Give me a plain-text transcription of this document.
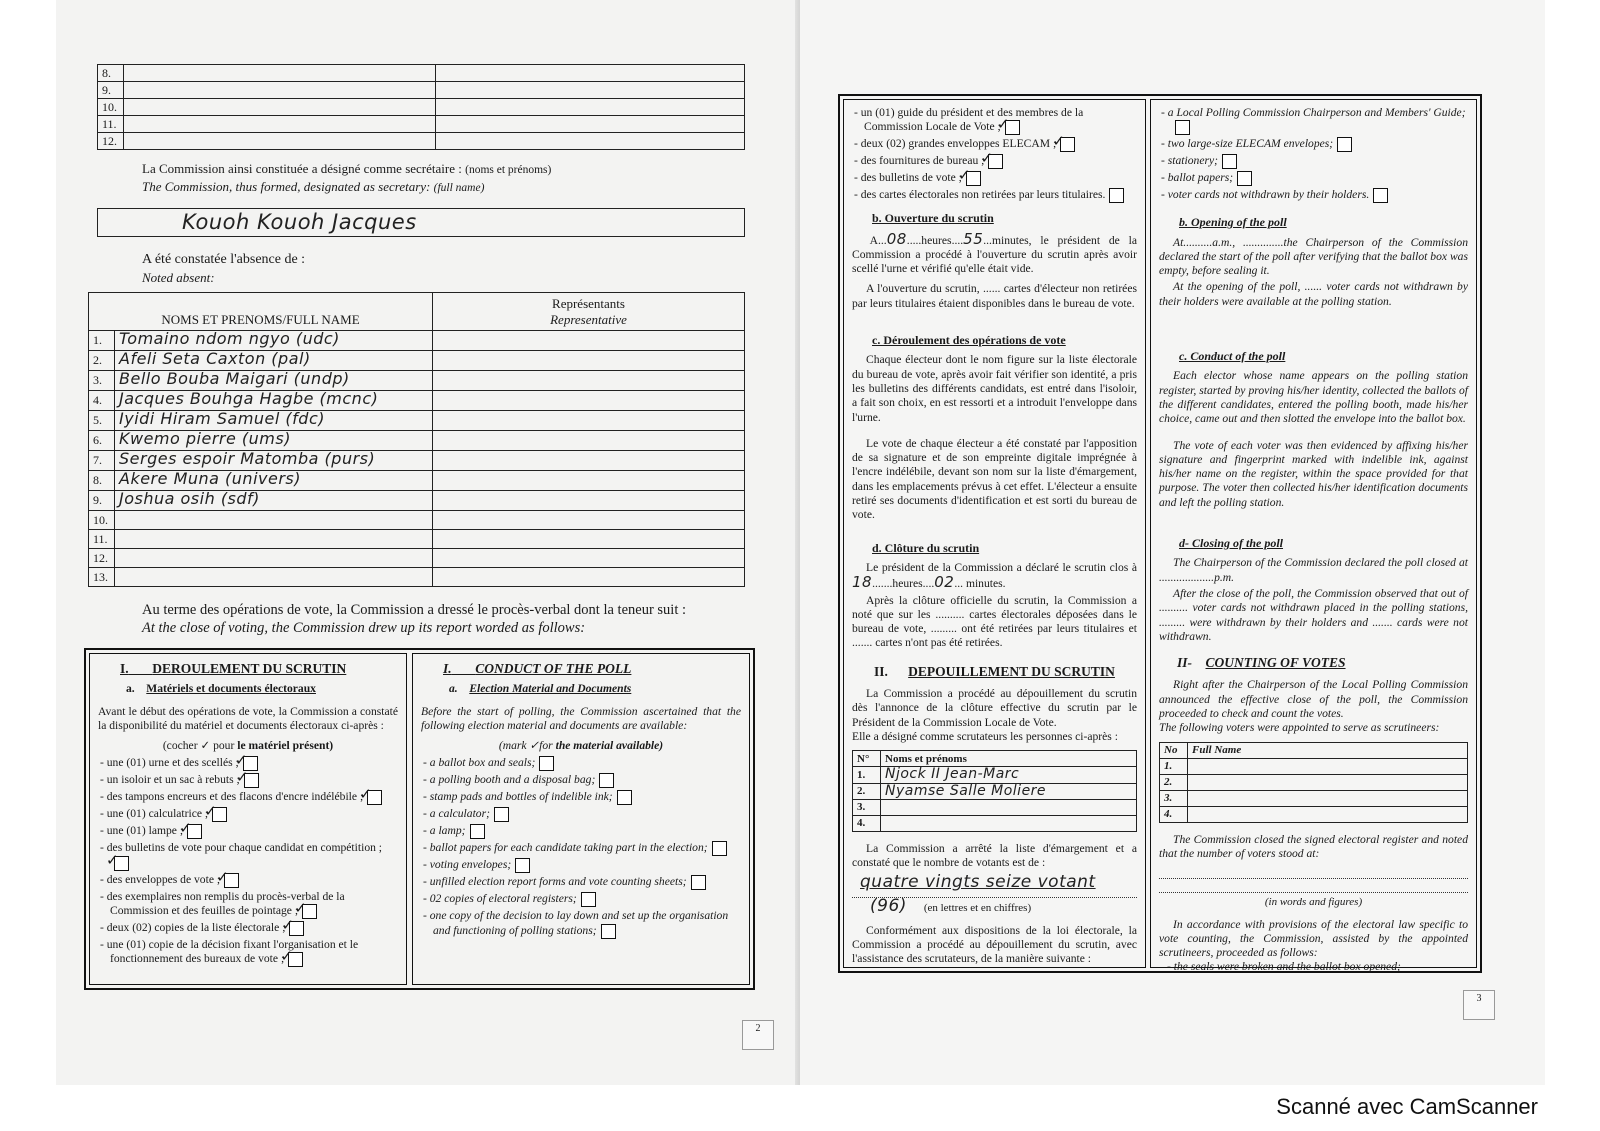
8.		
9.		
10.		
11.		
12.		
La Commission ainsi constituée a désigné comme secrétaire : (noms et prénoms)
The Commission, thus formed, designated as secretary: (full name)
Kouoh Kouoh Jacques
A été constatée l'absence de :
Noted absent:
NOMS ET PRENOMS/FULL NAME		Représentants
Representative

1.	Tomaino ndom ngyo (udc)	
2.	Afeli Seta Caxton (pal)	
3.	Bello Bouba Maigari (undp)	
4.	Jacques Bouhga Hagbe (mcnc)	
5.	Iyidi Hiram Samuel (fdc)	
6.	Kwemo pierre (ums)	
7.	Serges espoir Matomba (purs)	
8.	Akere Muna (univers)	
9.	Joshua osih (sdf)	
10.		
11.		
12.		
13.		
Au terme des opérations de vote, la Commission a dressé le procès-verbal dont la teneur suit :
At the close of voting, the Commission drew up its report worded as follows:
I. DEROULEMENT DU SCRUTIN
a. Matériels et documents électoraux
Avant le début des opérations de vote, la Commission a constaté la disponibilité du matériel et documents électoraux ci-après :
(cocher ✓ pour le matériel présent)
- une (01) urne et des scellés ;✓
- un isoloir et un sac à rebuts ;✓
- des tampons encreurs et des flacons d'encre indélébile ;✓
- une (01) calculatrice ;✓
- une (01) lampe ;✓
- des bulletins de vote pour chaque candidat en compétition ;✓
- des enveloppes de vote ;✓
- des exemplaires non remplis du procès-verbal de la Commission et des feuilles de pointage ;✓
- deux (02) copies de la liste électorale ;✓
- une (01) copie de la décision fixant l'organisation et le fonctionnement des bureaux de vote ;✓
I. CONDUCT OF THE POLL
a. Election Material and Documents
Before the start of polling, the Commission ascertained that the following election material and documents are available:
(mark ✓for the material available)
- a ballot box and seals;
- a polling booth and a disposal bag;
- stamp pads and bottles of indelible ink;
- a calculator;
- a lamp;
- ballot papers for each candidate taking part in the election;
- voting envelopes;
- unfilled election report forms and vote counting sheets;
- 02 copies of electoral registers;
- one copy of the decision to lay down and set up the organisation and functioning of polling stations;
2
- un (01) guide du président et des membres de la Commission Locale de Vote ;✓
- deux (02) grandes enveloppes ELECAM ;✓
- des fournitures de bureau ;✓
- des bulletins de vote ;✓
- des cartes électorales non retirées par leurs titulaires.
b. Ouverture du scrutin
A...08.....heures....55...minutes, le président de la Commission a procédé à l'ouverture du scrutin après avoir scellé l'urne et vérifié qu'elle était vide.
A l'ouverture du scrutin, ...... cartes d'électeur non retirées par leurs titulaires étaient disponibles dans le bureau de vote.
c. Déroulement des opérations de vote
Chaque électeur dont le nom figure sur la liste électorale du bureau de vote, après avoir fait vérifier son identité, a pris les bulletins des différents candidats, est entré dans l'isoloir, a fait son choix, en est ressorti et a introduit l'enveloppe dans l'urne.
Le vote de chaque électeur a été constaté par l'apposition de sa signature et de son empreinte digitale imprégnée à l'encre indélébile, devant son nom sur la liste d'émargement, dans les emplacements prévus à cet effet. L'électeur a ensuite retiré ses documents d'identification et est sorti du bureau de vote.
d. Clôture du scrutin
Le président de la Commission a déclaré le scrutin clos à 18.......heures....02... minutes.
Après la clôture officielle du scrutin, la Commission a noté que sur les .......... cartes électorales déposées dans le bureau de vote, ......... ont été retirées par leurs titulaires et ....... cartes n'ont pas été retirées.
II. DEPOUILLEMENT DU SCRUTIN
La Commission a procédé au dépouillement du scrutin dès l'annonce de la clôture effective du scrutin par le Président de la Commission Locale de Vote.
Elle a désigné comme scrutateurs les personnes ci-après :
N°	Noms et prénoms
1.	Njock II Jean-Marc
2.	Nyamse Salle Moliere
3.	
4.	
La Commission a arrêté la liste d'émargement et a constaté que le nombre de votants est de :
quatre vingts seize votant
(96) (en lettres et en chiffres)
Conformément aux dispositions de la loi électorale, la Commission a procédé au dépouillement du scrutin, avec l'assistance des scrutateurs, de la manière suivante :
- a Local Polling Commission Chairperson and Members' Guide;
- two large-size ELECAM envelopes;
- stationery;
- ballot papers;
- voter cards not withdrawn by their holders.
b. Opening of the poll
At..........a.m., ..............the Chairperson of the Commission declared the start of the poll after verifying that the ballot box was empty, before sealing it.
At the opening of the poll, ...... voter cards not withdrawn by their holders were available at the polling station.
c. Conduct of the poll
Each elector whose name appears on the polling station register, started by proving his/her identity, collected the ballots of the different candidates, entered the polling booth, made his/her choice, came out and then slotted the envelope into the ballot box.
The vote of each voter was then evidenced by affixing his/her signature and fingerprint marked with indelible ink, against his/her name on the register, within the space provided for that purpose. The voter then collected his/her identification documents and left the polling station.
d- Closing of the poll
The Chairperson of the Commission declared the poll closed at ...................p.m.
After the close of the poll, the Commission observed that out of .......... voter cards not withdrawn placed in the polling stations, ......... were withdrawn by their holders and ....... cards were not withdrawn.
II- COUNTING OF VOTES
Right after the Chairperson of the Local Polling Commission announced the effective close of the poll, the Commission proceeded to check and count the votes.
The following voters were appointed to serve as scrutineers:
No	Full Name
1.	
2.	
3.	
4.	
The Commission closed the signed electoral register and noted that the number of voters stood at:
(in words and figures)
In accordance with provisions of the electoral law specific to vote counting, the Commission, assisted by the appointed scrutineers, proceeded as follows:
- the seals were broken and the ballot box opened;
3
Scanné avec CamScanner
